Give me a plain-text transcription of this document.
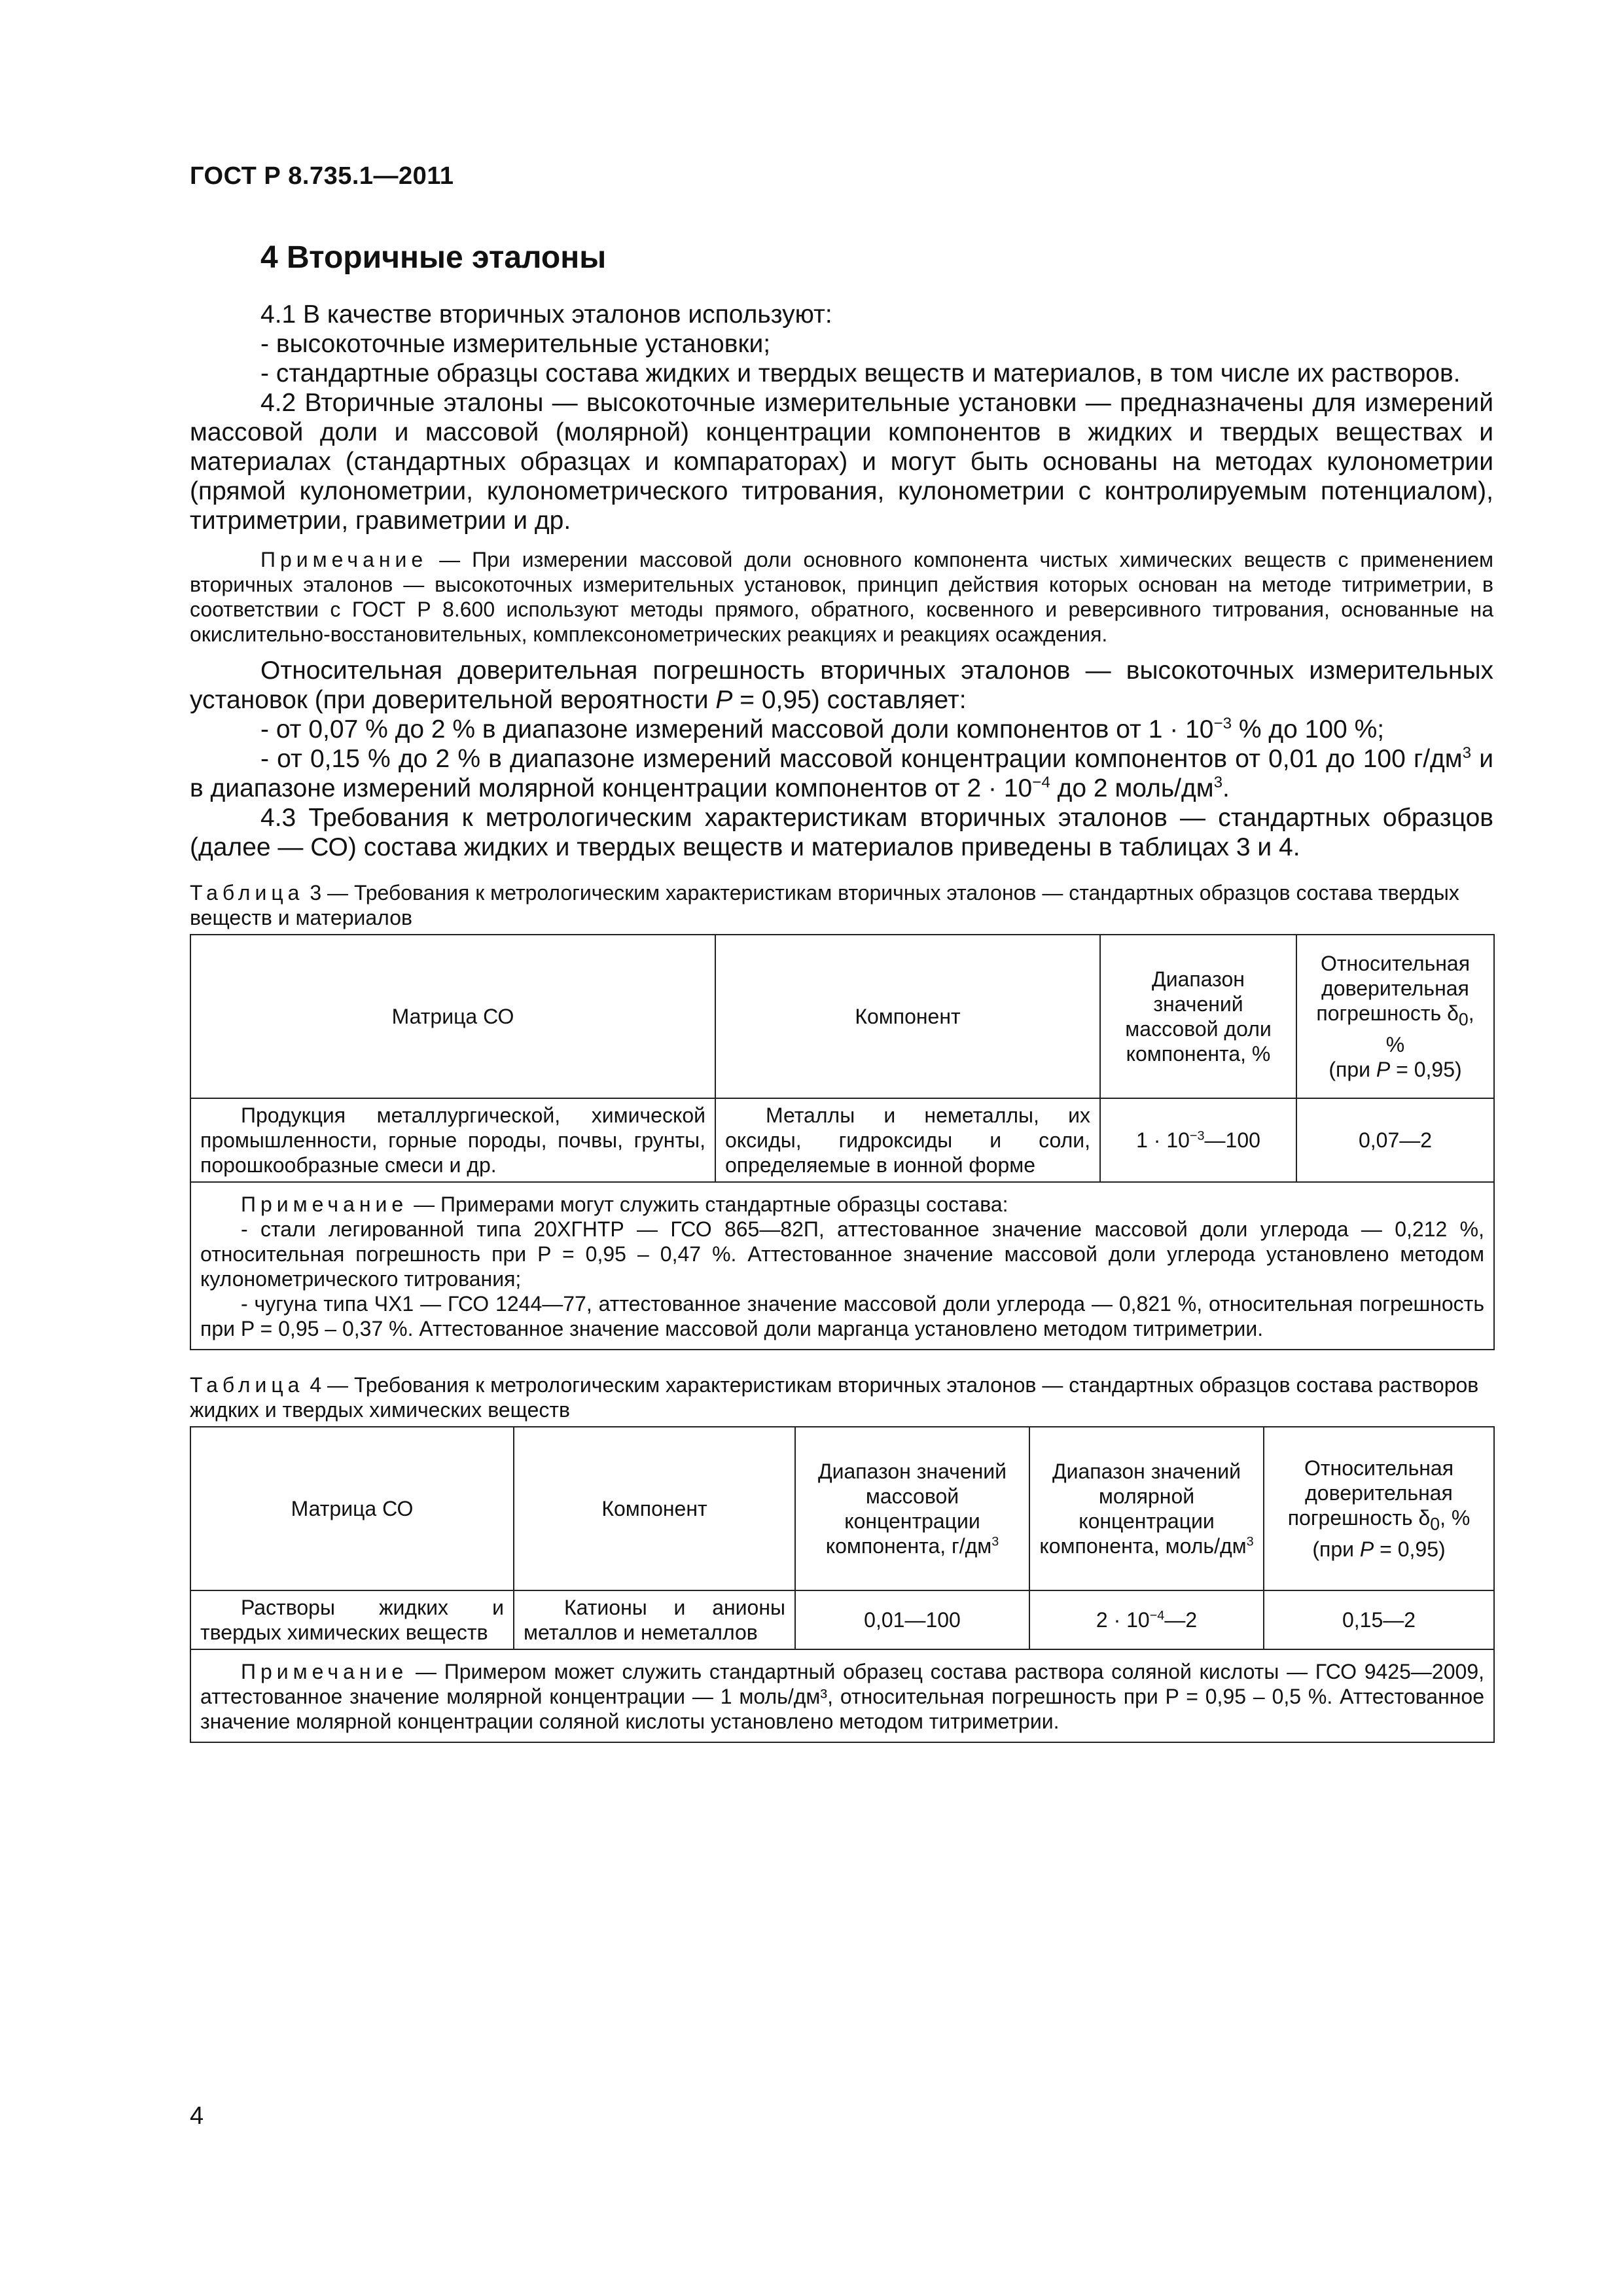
ГОСТ Р 8.735.1—2011
4 Вторичные эталоны

4.1 В качестве вторичных эталонов используют:

- высокоточные измерительные установки;

- стандартные образцы состава жидких и твердых веществ и материалов, в том числе их растворов.

4.2 Вторичные эталоны — высокоточные измерительные установки — предназначены для измерений массовой доли и массовой (молярной) концентрации компонентов в жидких и твердых веществах и материалах (стандартных образцах и компараторах) и могут быть основаны на методах кулонометрии (прямой кулонометрии, кулонометрического титрования, кулонометрии с контролируемым потенциалом), титриметрии, гравиметрии и др.

Примечание — При измерении массовой доли основного компонента чистых химических веществ с применением вторичных эталонов — высокоточных измерительных установок, принцип действия которых основан на методе титриметрии, в соответствии с ГОСТ Р 8.600 используют методы прямого, обратного, косвенного и реверсивного титрования, основанные на окислительно-восстановительных, комплексонометрических реакциях и реакциях осаждения.

Относительная доверительная погрешность вторичных эталонов — высокоточных измерительных установок (при доверительной вероятности P = 0,95) составляет:

- от 0,07 % до 2 % в диапазоне измерений массовой доли компонентов от $1 \cdot 10^{-3}$ % до 100 %;

- от 0,15 % до 2 % в диапазоне измерений массовой концентрации компонентов от 0,01 до 100 $г/дм^3$ и в диапазоне измерений молярной концентрации компонентов от $2 \cdot 10^{-4}$ до 2 моль/$дм^3$.

4.3 Требования к метрологическим характеристикам вторичных эталонов — стандартных образцов (далее — СО) состава жидких и твердых веществ и материалов приведены в таблицах 3 и 4.

Таблица 3 — Требования к метрологическим характеристикам вторичных эталонов — стандартных образцов состава твердых веществ и материалов

Матрица СО	Компонент	Диапазон значений массовой доли компонента, %	Относительная доверительная погрешность $\delta_0$, %
(при P = 0,95)
Продукция металлургической, химической промышленности, горные породы, почвы, грунты, порошкообразные смеси и др.	Металлы и неметаллы, их оксиды, гидроксиды и соли, определяемые в ионной форме	$1 \cdot 10^{-3}—100$	0,07—2

Примечание — Примерами могут служить стандартные образцы состава:

- стали легированной типа 20ХГНТР — ГСО 865—82П, аттестованное значение массовой доли углерода — 0,212 %, относительная погрешность при P = 0,95 – 0,47 %. Аттестованное значение массовой доли углерода установлено методом кулонометрического титрования;

- чугуна типа ЧХ1 — ГСО 1244—77, аттестованное значение массовой доли углерода — 0,821 %, относительная погрешность при P = 0,95 – 0,37 %. Аттестованное значение массовой доли марганца установлено методом титриметрии.			

Таблица 4 — Требования к метрологическим характеристикам вторичных эталонов — стандартных образцов состава растворов жидких и твердых химических веществ

Матрица СО	Компонент	Диапазон значений массовой концентрации компонента, $г/дм^3$	Диапазон значений молярной концентрации компонента, моль/$дм^3$	Относительная доверительная погрешность $\delta_0$, %
(при P = 0,95)
Растворы жидких и твердых химических веществ	Катионы и анионы металлов и неметаллов	0,01—100	$2 \cdot 10^{-4}—2$	0,15—2

Примечание — Примером может служить стандартный образец состава раствора соляной кислоты — ГСО 9425—2009, аттестованное значение молярной концентрации — 1 моль/дм³, относительная погрешность при P = 0,95 – 0,5 %. Аттестованное значение молярной концентрации соляной кислоты установлено методом титриметрии.				

4
